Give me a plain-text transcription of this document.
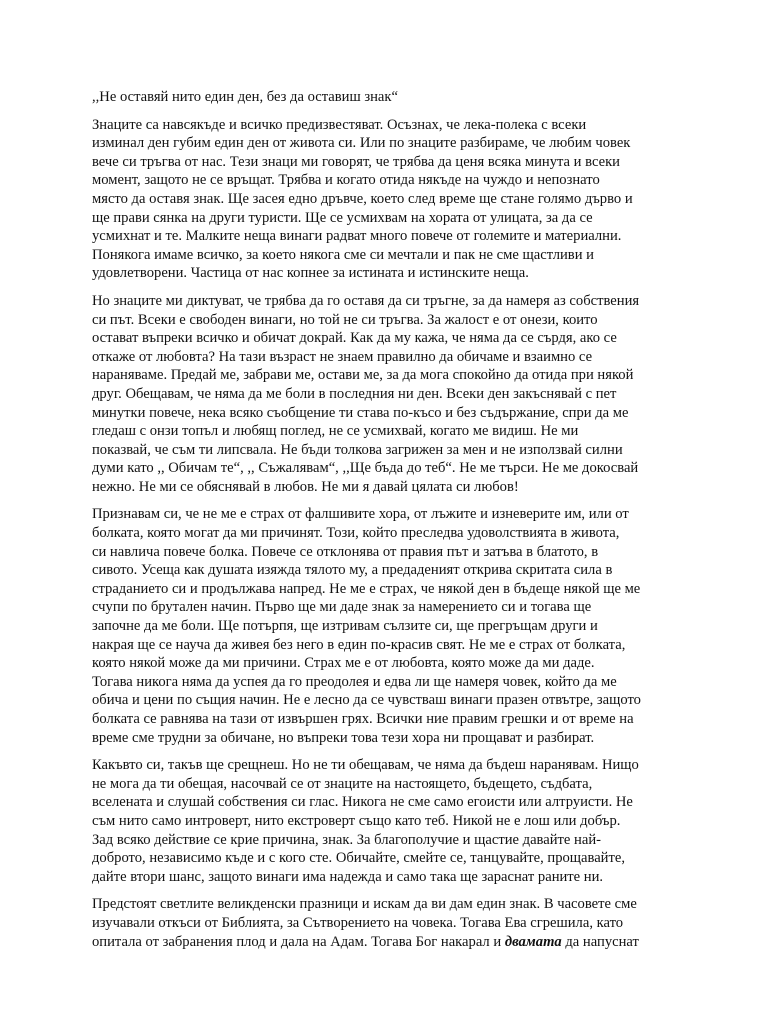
,,Не оставяй нито един ден, без да оставиш знак“
Знаците са навсякъде и всичко предизвестяват. Осъзнах, че лека-полека с всеки
изминал ден губим един ден от живота си. Или по знаците разбираме, че любим човек
вече си тръгва от нас. Тези знаци ми говорят, че трябва да ценя всяка минута и всеки
момент, защото не се връщат. Трябва и когато отида някъде на чуждо и непознато
място да оставя знак. Ще засея едно дръвче, което след време ще стане голямо дърво и
ще прави сянка на други туристи. Ще се усмихвам на хората от улицата, за да се
усмихнат и те. Малките неща винаги радват много повече от големите и материални.
Понякога имаме всичко, за което някога сме си мечтали и пак не сме щастливи и
удовлетворени. Частица от нас копнее за истината и истинските неща.
Но знаците ми диктуват, че трябва да го оставя да си тръгне, за да намеря аз собствения
си път. Всеки е свободен винаги, но той не си тръгва. За жалост е от онези, които
остават въпреки всичко и обичат докрай. Как да му кажа, че няма да се сърдя, ако се
откаже от любовта? На тази възраст не знаем правилно да обичаме и взаимно се
нараняваме. Предай ме, забрави ме, остави ме, за да мога спокойно да отида при някой
друг. Обещавам, че няма да ме боли в последния ни ден. Всеки ден закъснявай с пет
минутки повече, нека всяко съобщение ти става по-късо и без съдържание, спри да ме
гледаш с онзи топъл и любящ поглед, не се усмихвай, когато ме видиш. Не ми
показвай, че съм ти липсвала. Не бъди толкова загрижен за мен и не използвай силни
думи като ,, Обичам те“, ,, Съжалявам“, ,,Ще бъда до теб“. Не ме търси. Не ме докосвай
нежно. Не ми се обяснявай в любов. Не ми я давай цялата си любов!
Признавам си, че не ме е страх от фалшивите хора, от лъжите и изневерите им, или от
болката, която могат да ми причинят. Този, който преследва удоволствията в живота,
си навлича повече болка. Повече се отклонява от правия път и затъва в блатото, в
сивото. Усеща как душата изяжда тялото му, а предаденият открива скритата сила в
страданието си и продължава напред. Не ме е страх, че някой ден в бъдеще някой ще ме
счупи по брутален начин. Първо ще ми даде знак за намерението си и тогава ще
започне да ме боли. Ще потърпя, ще изтривам сълзите си, ще прегръщам други и
накрая ще се науча да живея без него в един по-красив свят. Не ме е страх от болката,
която някой може да ми причини. Страх ме е от любовта, която може да ми даде.
Тогава никога няма да успея да го преодолея и едва ли ще намеря човек, който да ме
обича и цени по същия начин. Не е лесно да се чувстваш винаги празен отвътре, защото
болката се равнява на тази от извършен грях. Всички ние правим грешки и от време на
време сме трудни за обичане, но въпреки това тези хора ни прощават и разбират.
Какъвто си, такъв ще срещнеш. Но не ти обещавам, че няма да бъдеш наранявам. Нищо
не мога да ти обещая, насочвай се от знаците на настоящето, бъдещето, съдбата,
вселената и слушай собствения си глас. Никога не сме само егоисти или алтруисти. Не
съм нито само интроверт, нито екстроверт също като теб. Никой не е лош или добър.
Зад всяко действие се крие причина, знак. За благополучие и щастие давайте най-
доброто, независимо къде и с кого сте. Обичайте, смейте се, танцувайте, прощавайте,
дайте втори шанс, защото винаги има надежда и само така ще зараснат раните ни.
Предстоят светлите великденски празници и искам да ви дам един знак. В часовете сме
изучавали откъси от Библията, за Сътворението на човека. Тогава Ева сгрешила, като
опитала от забранения плод и дала на Адам. Тогава Бог накарал и двамата да напуснат
